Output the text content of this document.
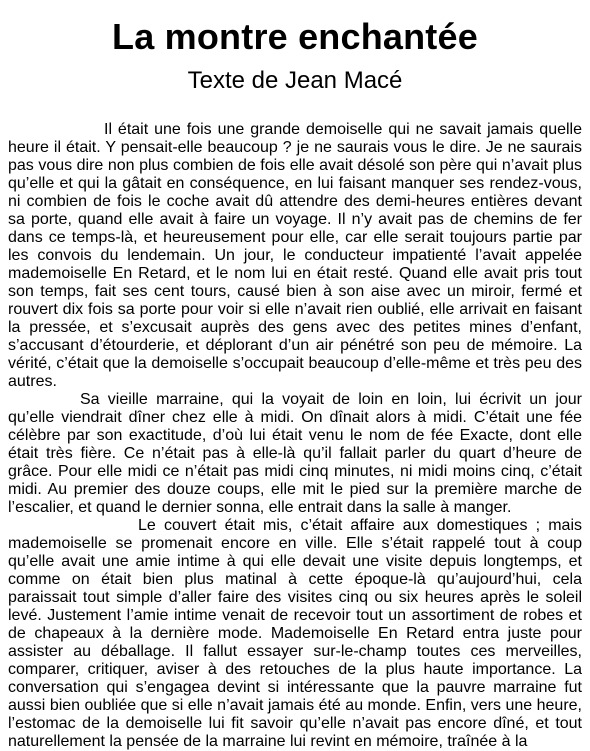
La montre enchantée
Texte de Jean Macé

Il était une fois une grande demoiselle qui ne savait jamais quelle heure il était. Y pensait-elle beaucoup ? je ne saurais vous le dire. Je ne saurais pas vous dire non plus combien de fois elle avait désolé son père qui n’avait plus qu’elle et qui la gâtait en conséquence, en lui faisant manquer ses rendez-vous, ni combien de fois le coche avait dû attendre des demi-heures entières devant sa porte, quand elle avait à faire un voyage. Il n’y avait pas de chemins de fer dans ce temps-là, et heureusement pour elle, car elle serait toujours partie par les convois du lendemain. Un jour, le conducteur impatienté l’avait appelée mademoiselle En Retard, et le nom lui en était resté. Quand elle avait pris tout son temps, fait ses cent tours, causé bien à son aise avec un miroir, fermé et rouvert dix fois sa porte pour voir si elle n’avait rien oublié, elle arrivait en faisant la pressée, et s’excusait auprès des gens avec des petites mines d’enfant, s’accusant d’étourderie, et déplorant d’un air pénétré son peu de mémoire. La vérité, c’était que la demoiselle s’occupait beaucoup d’elle-même et très peu des autres.

Sa vieille marraine, qui la voyait de loin en loin, lui écrivit un jour qu’elle viendrait dîner chez elle à midi. On dînait alors à midi. C’était une fée célèbre par son exactitude, d’où lui était venu le nom de fée Exacte, dont elle était très fière. Ce n’était pas à elle-là qu’il fallait parler du quart d’heure de grâce. Pour elle midi ce n’était pas midi cinq minutes, ni midi moins cinq, c’était midi. Au premier des douze coups, elle mit le pied sur la première marche de l’escalier, et quand le dernier sonna, elle entrait dans la salle à manger.

Le couvert était mis, c’était affaire aux domestiques ; mais mademoiselle se promenait encore en ville. Elle s’était rappelé tout à coup qu’elle avait une amie intime à qui elle devait une visite depuis longtemps, et comme on était bien plus matinal à cette époque-là qu’aujourd’hui, cela paraissait tout simple d’aller faire des visites cinq ou six heures après le soleil levé. Justement l’amie intime venait de recevoir tout un assortiment de robes et de chapeaux à la dernière mode. Mademoiselle En Retard entra juste pour assister au déballage. Il fallut essayer sur-le-champ toutes ces merveilles, comparer, critiquer, aviser à des retouches de la plus haute importance. La conversation qui s’engagea devint si intéressante que la pauvre marraine fut aussi bien oubliée que si elle n’avait jamais été au monde. Enfin, vers une heure, l’estomac de la demoiselle lui fit savoir qu’elle n’avait pas encore dîné, et tout naturellement la pensée de la marraine lui revint en mémoire, traînée à la
